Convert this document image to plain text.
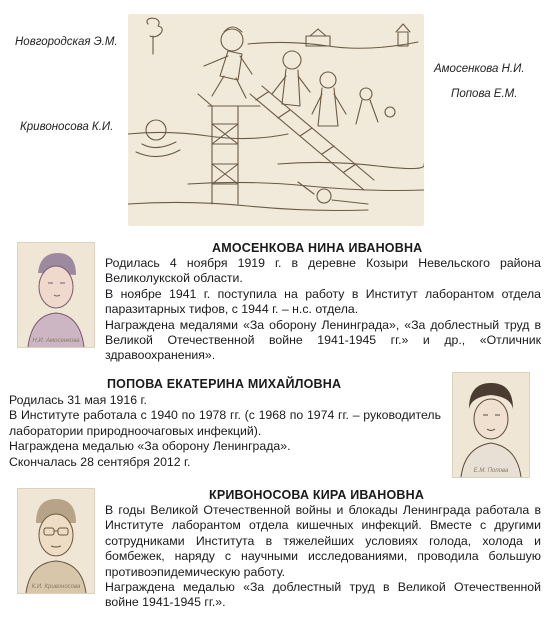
Новгородская Э.М.
Амосенкова Н.И.
Попова Е.М.
Кривоносова К.И.
Н.И. Амосенкова
АМОСЕНКОВА НИНА ИВАНОВНА

Родилась 4 ноября 1919 г. в деревне Козыри Невельского района Великолукской области.

В ноябре 1941 г. поступила на работу в Институт лаборантом отдела паразитарных тифов, с 1944 г. – н.с. отдела.

Награждена медалями «За оборону Ленинграда», «За доблестный труд в Великой Отечественной войне 1941-1945 гг.» и др., «Отличник здравоохранения».

ПОПОВА ЕКАТЕРИНА МИХАЙЛОВНА

Родилась 31 мая 1916 г.

В Институте работала с 1940 по 1978 гг. (с 1968 по 1974 гг. – руководитель лаборатории природноочаговых инфекций).

Награждена медалью «За оборону Ленинграда».

Скончалась 28 сентября 2012 г.

Е.М. Попова
К.И. Кривоносова
КРИВОНОСОВА КИРА ИВАНОВНА

В годы Великой Отечественной войны и блокады Ленинграда работала в Институте лаборантом отдела кишечных инфекций. Вместе с другими сотрудниками Института в тяжелейших условиях голода, холода и бомбежек, наряду с научными исследованиями, проводила большую противоэпидемическую работу.

Награждена медалью «За доблестный труд в Великой Отечественной войне 1941-1945 гг.».
